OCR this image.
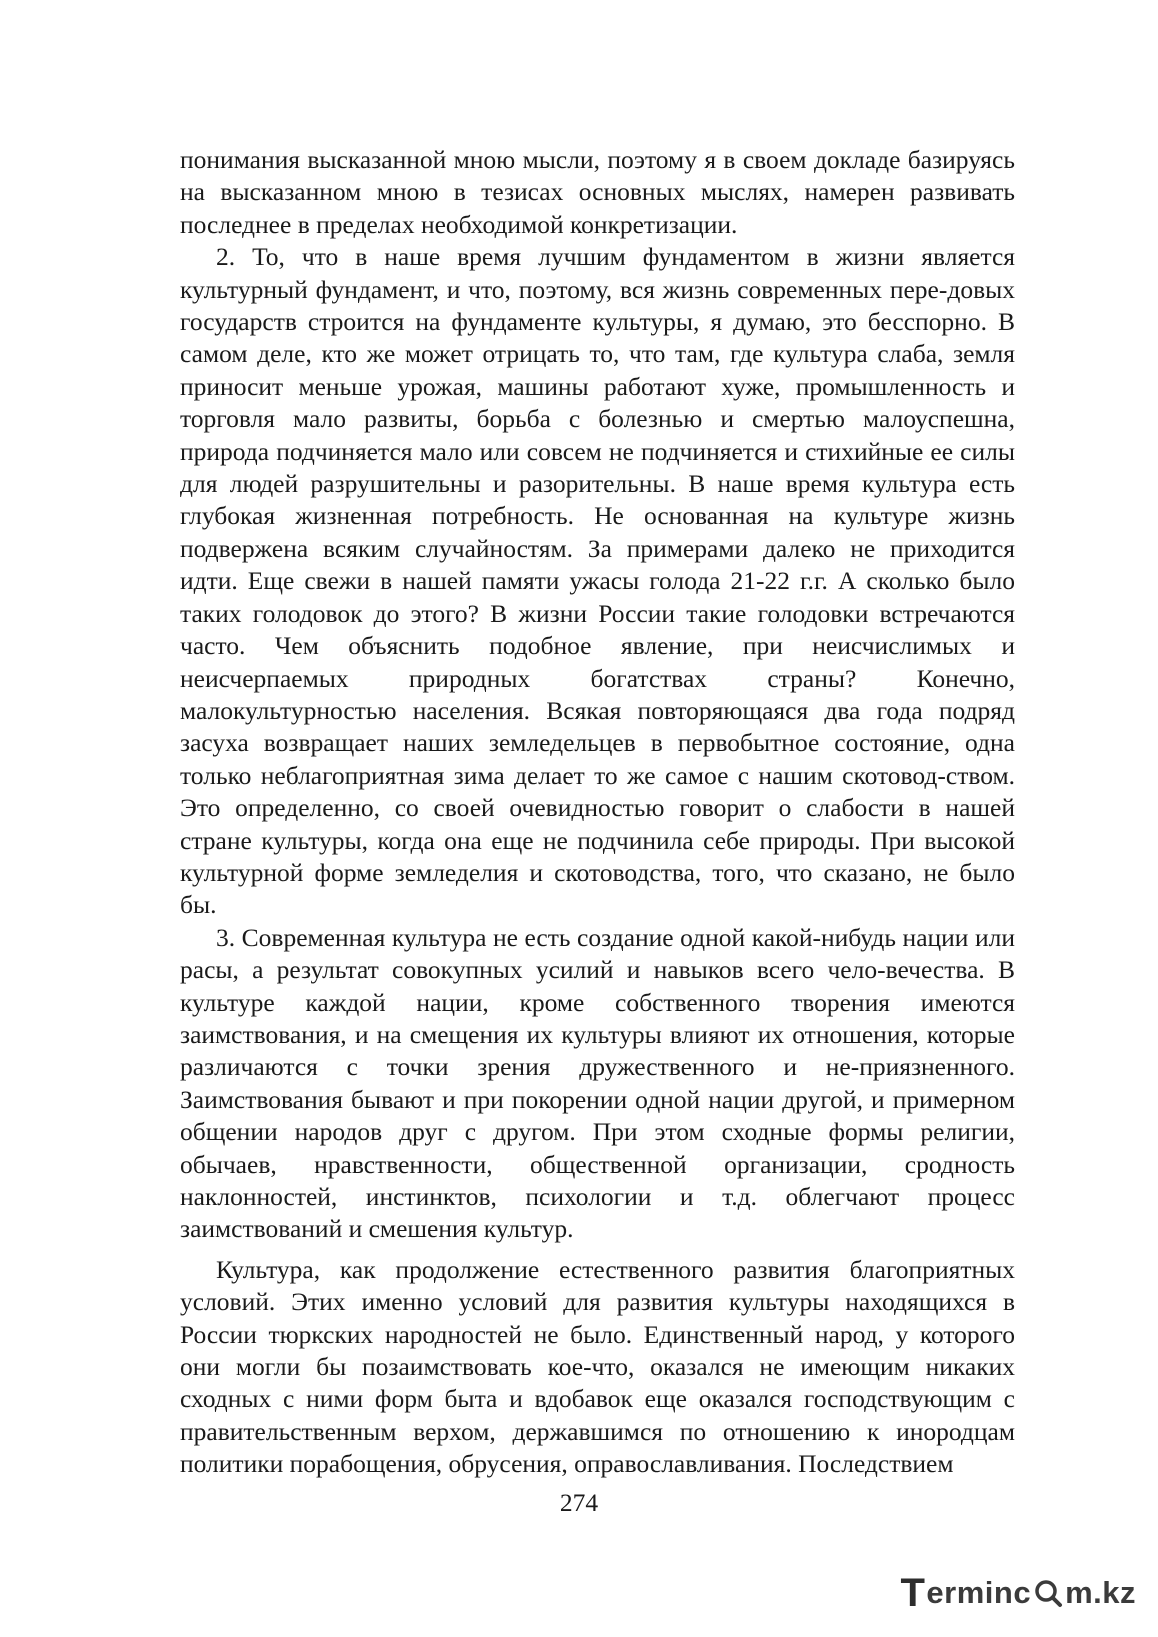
понимания высказанной мною мысли, поэтому я в своем докладе базируясь на высказанном мною в тезисах основных мыслях, намерен развивать последнее в пределах необходимой конкретизации.

2. То, что в наше время лучшим фундаментом в жизни является культурный фундамент, и что, поэтому, вся жизнь современных пере-довых государств строится на фундаменте культуры, я думаю, это бесспорно. В самом деле, кто же может отрицать то, что там, где культура слаба, земля приносит меньше урожая, машины работают хуже, промышленность и торговля мало развиты, борьба с болезнью и смертью малоуспешна, природа подчиняется мало или совсем не подчиняется и стихийные ее силы для людей разрушительны и разорительны. В наше время культура есть глубокая жизненная потребность. Не основанная на культуре жизнь подвержена всяким случайностям. За примерами далеко не приходится идти. Еще свежи в нашей памяти ужасы голода 21-22 г.г. А сколько было таких голодовок до этого? В жизни России такие голодовки встречаются часто. Чем объяснить подобное явление, при неисчислимых и неисчерпаемых природных богатствах страны? Конечно, малокультурностью населения. Всякая повторяющаяся два года подряд засуха возвращает наших земледельцев в первобытное состояние, одна только неблагоприятная зима делает то же самое с нашим скотовод-ством. Это определенно, со своей очевидностью говорит о слабости в нашей стране культуры, когда она еще не подчинила себе природы. При высокой культурной форме земледелия и скотоводства, того, что сказано, не было бы.

3. Современная культура не есть создание одной какой-нибудь нации или расы, а результат совокупных усилий и навыков всего чело-вечества. В культуре каждой нации, кроме собственного творения имеются заимствования, и на смещения их культуры влияют их отношения, которые различаются с точки зрения дружественного и не-приязненного. Заимствования бывают и при покорении одной нации другой, и примерном общении народов друг с другом. При этом сходные формы религии, обычаев, нравственности, общественной организации, сродность наклонностей, инстинктов, психологии и т.д. облегчают процесс заимствований и смешения культур.

Культура, как продолжение естественного развития благоприятных условий. Этих именно условий для развития культуры находящихся в России тюркских народностей не было. Единственный народ, у которого они могли бы позаимствовать кое-что, оказался не имеющим никаких сходных с ними форм быта и вдобавок еще оказался господствующим с правительственным верхом, державшимся по отношению к инородцам политики порабощения, обрусения, оправославливания. Последствием

274
T erminc m.kz
